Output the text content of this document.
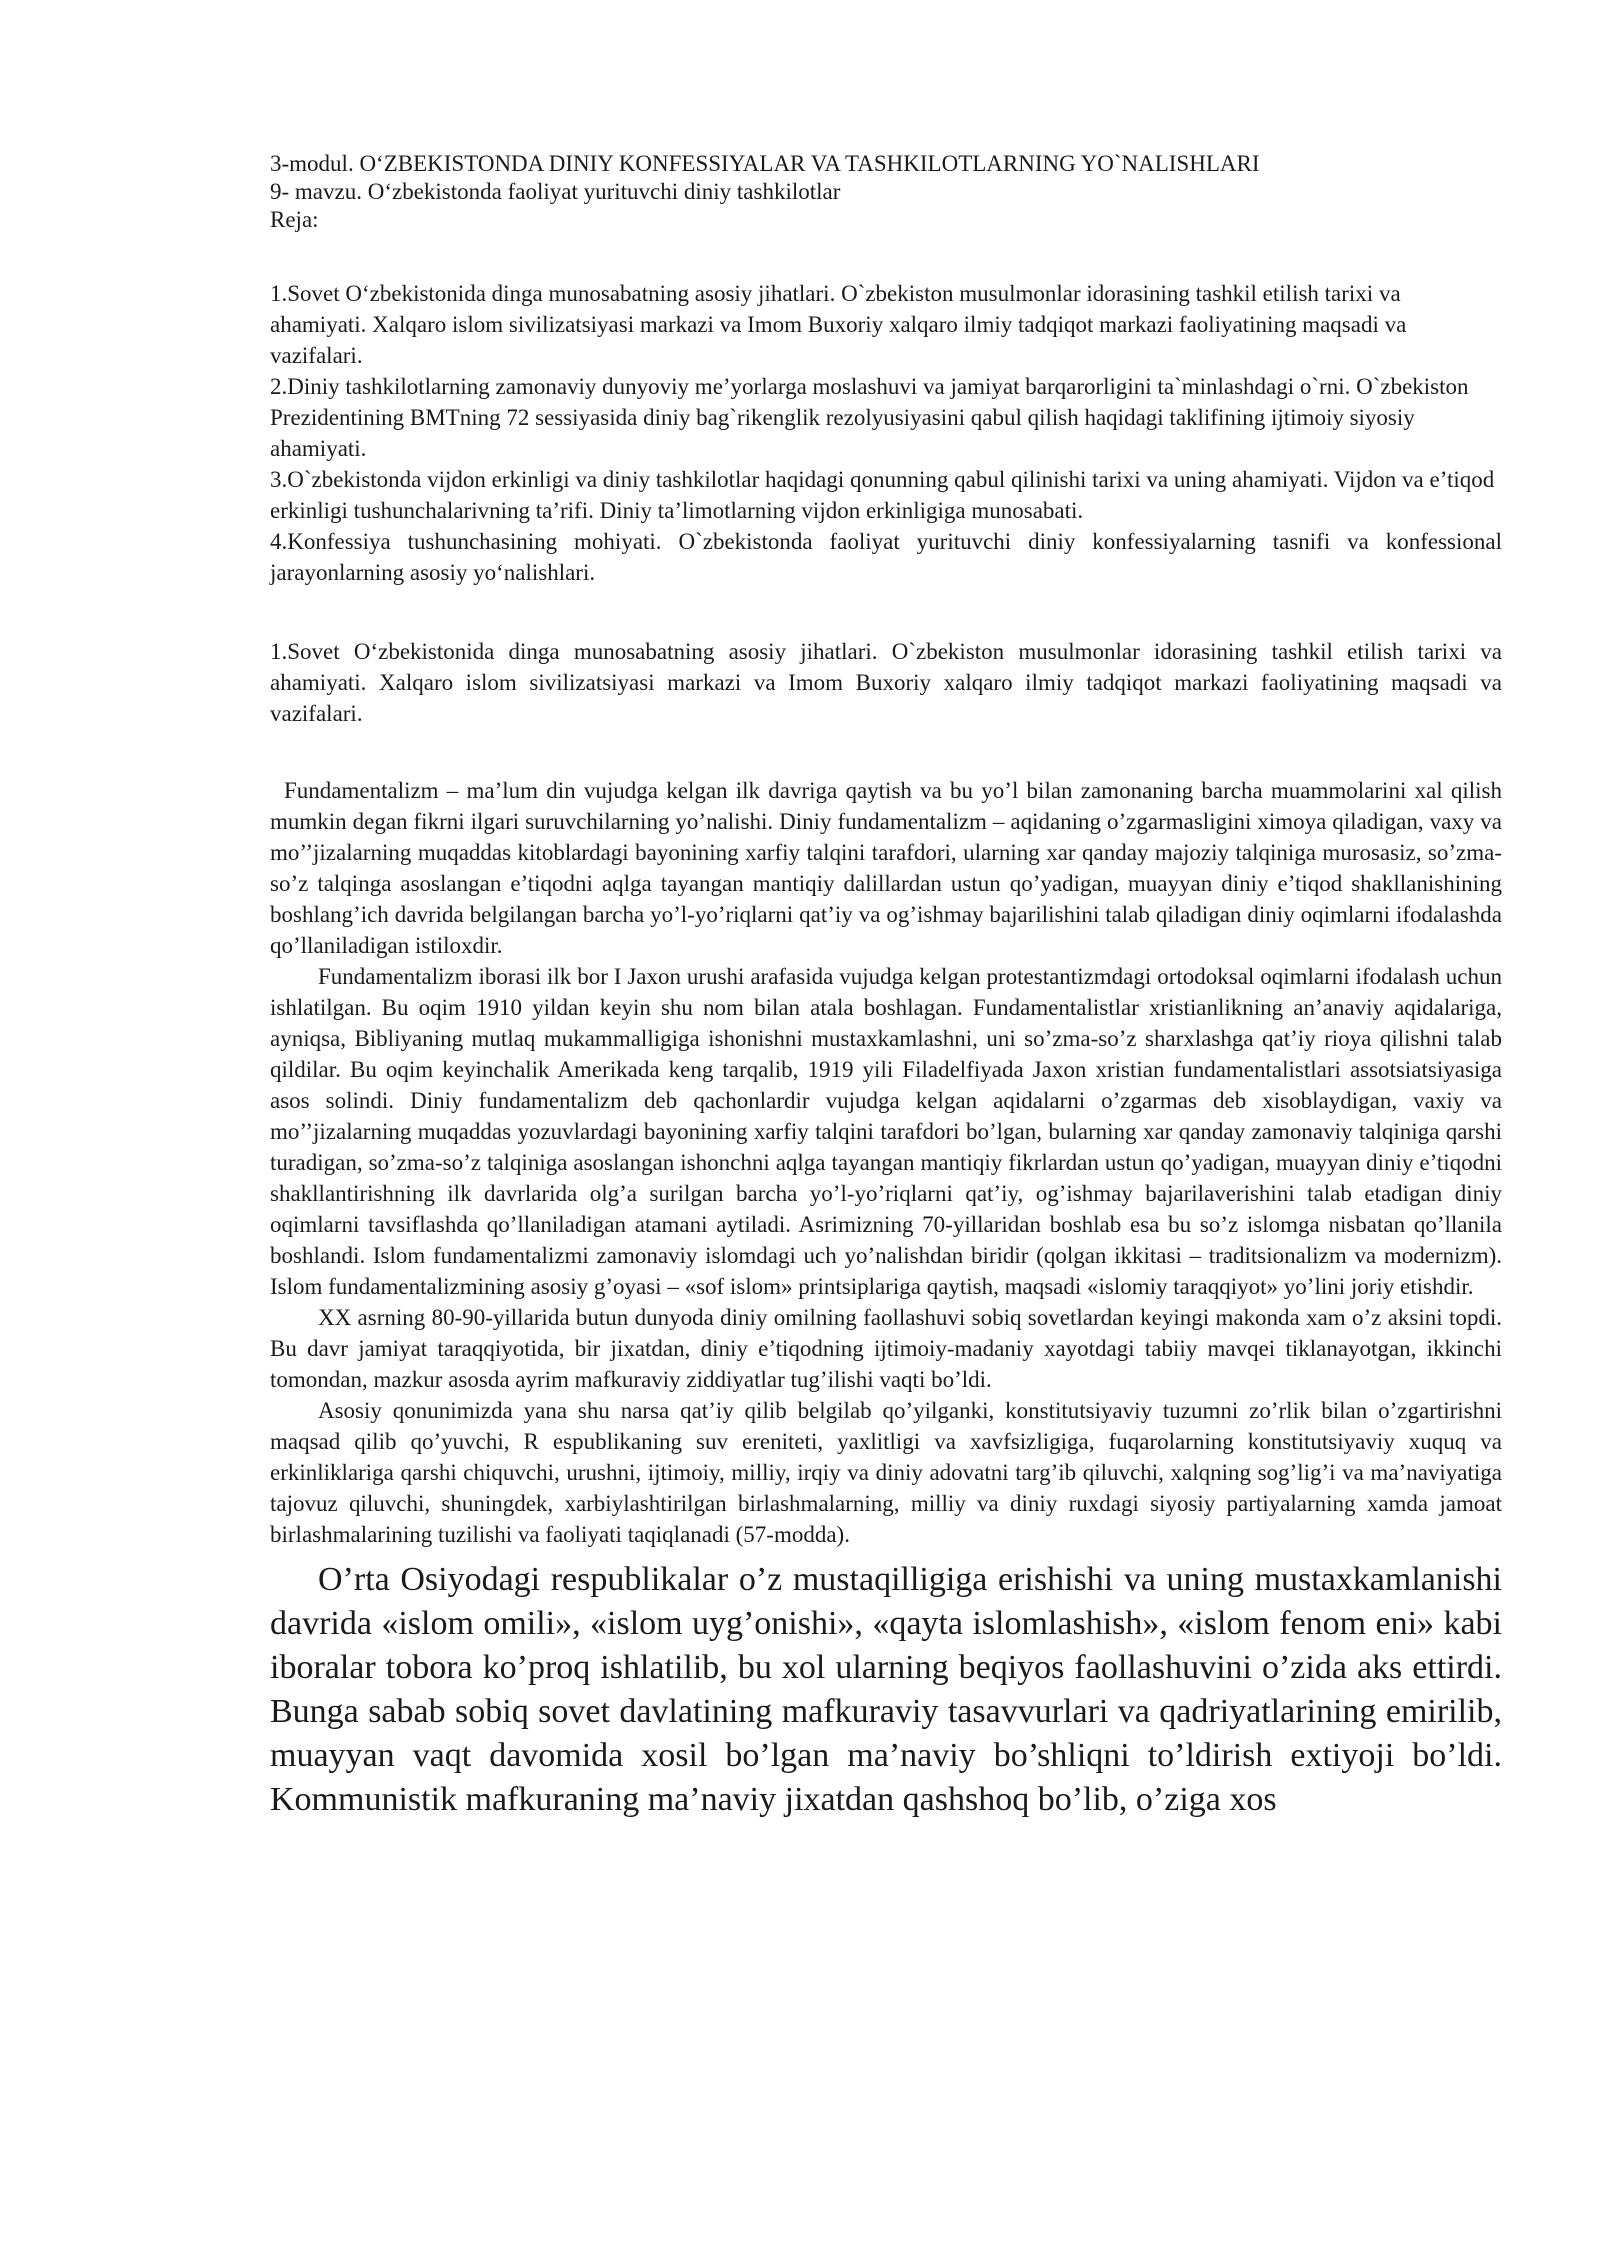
3-modul. O‘ZBEKISTONDA DINIY KONFESSIYALAR VA TASHKILOTLARNING YO`NALISHLARI

9- mavzu. O‘zbekistonda faoliyat yurituvchi diniy tashkilotlar

Reja:

1.Sovet O‘zbekistonida dinga munosabatning asosiy jihatlari. O`zbekiston musulmonlar idorasining tashkil etilish tarixi va ahamiyati. Xalqaro islom sivilizatsiyasi markazi va Imom Buxoriy xalqaro ilmiy tadqiqot markazi faoliyatining maqsadi va vazifalari.

2.Diniy tashkilotlarning zamonaviy dunyoviy me’yorlarga moslashuvi va jamiyat barqarorligini ta`minlashdagi o`rni. O`zbekiston Prezidentining BMTning 72 sessiyasida diniy bag`rikenglik rezolyusiyasini qabul qilish haqidagi taklifining ijtimoiy siyosiy ahamiyati.

3.O`zbekistonda vijdon erkinligi va diniy tashkilotlar haqidagi qonunning qabul qilinishi tarixi va uning ahamiyati. Vijdon va e’tiqod erkinligi tushunchalarivning ta’rifi. Diniy ta’limotlarning vijdon erkinligiga munosabati.

4.Konfessiya tushunchasining mohiyati. O`zbekistonda faoliyat yurituvchi diniy konfessiyalarning tasnifi va konfessional jarayonlarning asosiy yo‘nalishlari.

1.Sovet O‘zbekistonida dinga munosabatning asosiy jihatlari. O`zbekiston musulmonlar idorasining tashkil etilish tarixi va ahamiyati. Xalqaro islom sivilizatsiyasi markazi va Imom Buxoriy xalqaro ilmiy tadqiqot markazi faoliyatining maqsadi va vazifalari.

Fundamentalizm – ma’lum din vujudga kelgan ilk davriga qaytish va bu yo’l bilan zamonaning barcha muammolarini xal qilish mumkin degan fikrni ilgari suruvchilarning yo’nalishi. Diniy fundamentalizm – aqidaning o’zgarmasligini ximoya qiladigan, vaxy va mo’’jizalarning muqaddas kitoblardagi bayonining xarfiy talqini tarafdori, ularning xar qanday majoziy talqiniga murosasiz, so’zma-so’z talqinga asoslangan e’tiqodni aqlga tayangan mantiqiy dalillardan ustun qo’yadigan, muayyan diniy e’tiqod shakllanishining boshlang’ich davrida belgilangan barcha yo’l-yo’riqlarni qat’iy va og’ishmay bajarilishini talab qiladigan diniy oqimlarni ifodalashda qo’llaniladigan istiloxdir.

Fundamentalizm iborasi ilk bor I Jaxon urushi arafasida vujudga kelgan protestantizmdagi ortodoksal oqimlarni ifodalash uchun ishlatilgan. Bu oqim 1910 yildan keyin shu nom bilan atala boshlagan. Fundamentalistlar xristianlikning an’anaviy aqidalariga, ayniqsa, Bibliyaning mutlaq mukammalligiga ishonishni mustaxkamlashni, uni so’zma-so’z sharxlashga qat’iy rioya qilishni talab qildilar. Bu oqim keyinchalik Amerikada keng tarqalib, 1919 yili Filadelfiyada Jaxon xristian fundamentalistlari assotsiatsiyasiga asos solindi. Diniy fundamentalizm deb qachonlardir vujudga kelgan aqidalarni o’zgarmas deb xisoblaydigan, vaxiy va mo’’jizalarning muqaddas yozuvlardagi bayonining xarfiy talqini tarafdori bo’lgan, bularning xar qanday zamonaviy talqiniga qarshi turadigan, so’zma-so’z talqiniga asoslangan ishonchni aqlga tayangan mantiqiy fikrlardan ustun qo’yadigan, muayyan diniy e’tiqodni shakllantirishning ilk davrlarida olg’a surilgan barcha yo’l-yo’riqlarni qat’iy, og’ishmay bajarilaverishini talab etadigan diniy oqimlarni tavsiflashda qo’llaniladigan atamani aytiladi. Asrimizning 70-yillaridan boshlab esa bu so’z islomga nisbatan qo’llanila boshlandi. Islom fundamentalizmi zamonaviy islomdagi uch yo’nalishdan biridir (qolgan ikkitasi – traditsionalizm va modernizm). Islom fundamentalizmining asosiy g’oyasi – «sof islom» printsiplariga qaytish, maqsadi «islomiy taraqqiyot» yo’lini joriy etishdir.

XX asrning 80-90-yillarida butun dunyoda diniy omilning faollashuvi sobiq sovetlardan keyingi makonda xam o’z aksini topdi. Bu davr jamiyat taraqqiyotida, bir jixatdan, diniy e’tiqodning ijtimoiy-madaniy xayotdagi tabiiy mavqei tiklanayotgan, ikkinchi tomondan, mazkur asosda ayrim mafkuraviy ziddiyatlar tug’ilishi vaqti bo’ldi.

Asosiy qonunimizda yana shu narsa qat’iy qilib belgilab qo’yilganki, konstitutsiyaviy tuzumni zo’rlik bilan o’zgartirishni maqsad qilib qo’yuvchi, R espublikaning suv ereniteti, yaxlitligi va xavfsizligiga, fuqarolarning konstitutsiyaviy xuquq va erkinliklariga qarshi chiquvchi, urushni, ijtimoiy, milliy, irqiy va diniy adovatni targ’ib qiluvchi, xalqning sog’lig’i va ma’naviyatiga tajovuz qiluvchi, shuningdek, xarbiylashtirilgan birlashmalarning, milliy va diniy ruxdagi siyosiy partiyalarning xamda jamoat birlashmalarining tuzilishi va faoliyati taqiqlanadi (57-modda).

O’rta Osiyodagi respublikalar o’z mustaqilligiga erishishi va uning mustaxkamlanishi davrida «islom omili», «islom uyg’onishi», «qayta islomlashish», «islom fenom eni» kabi iboralar tobora ko’proq ishlatilib, bu xol ularning beqiyos faollashuvini o’zida aks ettirdi. Bunga sabab sobiq sovet davlatining mafkuraviy tasavvurlari va qadriyatlarining emirilib, muayyan vaqt davomida xosil bo’lgan ma’naviy bo’shliqni to’ldirish extiyoji bo’ldi. Kommunistik mafkuraning ma’naviy jixatdan qashshoq bo’lib, o’ziga xos
